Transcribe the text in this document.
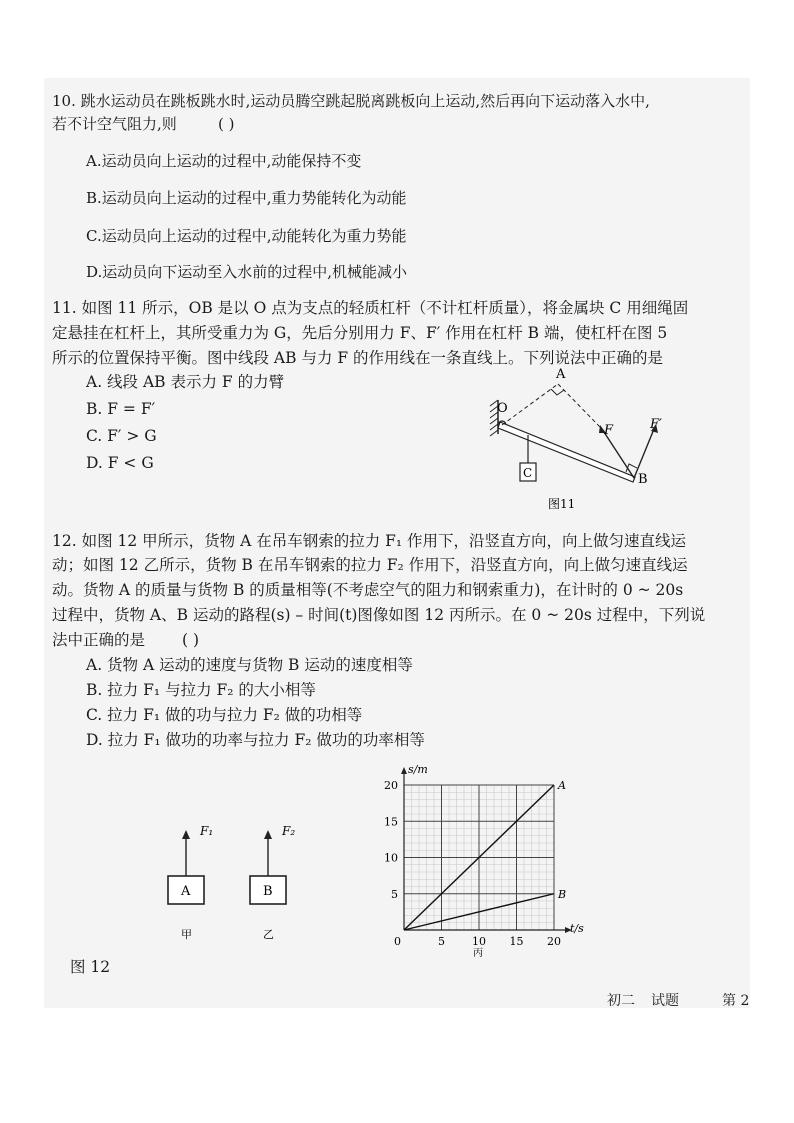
10. 跳水运动员在跳板跳水时,运动员腾空跳起脱离跳板向上运动,然后再向下运动落入水中,
若不计空气阻力,则	( )
A.运动员向上运动的过程中,动能保持不变
B.运动员向上运动的过程中,重力势能转化为动能
C.运动员向上运动的过程中,动能转化为重力势能
D.运动员向下运动至入水前的过程中,机械能减小
11. 如图 11 所示，OB 是以 O 点为支点的轻质杠杆（不计杠杆质量），将金属块 C 用细绳固
定悬挂在杠杆上，其所受重力为 G，先后分别用力 F、F′ 作用在杠杆 B 端，使杠杆在图 5
所示的位置保持平衡。图中线段 AB 与力 F 的作用线在一条直线上。下列说法中正确的是
A. 线段 AB 表示力 F 的力臂
B. F = F′
C. F′ > G
D. F < G
O
C
A
F	F′
B
图11
12. 如图 12 甲所示，货物 A 在吊车钢索的拉力 F₁ 作用下，沿竖直方向，向上做匀速直线运
动；如图 12 乙所示，货物 B 在吊车钢索的拉力 F₂ 作用下，沿竖直方向，向上做匀速直线运
动。货物 A 的质量与货物 B 的质量相等(不考虑空气的阻力和钢索重力)，在计时的 0 ~ 20s
过程中，货物 A、B 运动的路程(s) – 时间(t)图像如图 12 丙所示。在 0 ~ 20s 过程中，下列说
法中正确的是 ( )
A. 货物 A 运动的速度与货物 B 运动的速度相等
B. 拉力 F₁ 与拉力 F₂ 的大小相等
C. 拉力 F₁ 做的功与拉力 F₂ 做的功相等
D. 拉力 F₁ 做功的功率与拉力 F₂ 做功的功率相等
F₁
A
甲
F₂
B
乙
A
B
0	5 10 15 20
5
10
15
20
s/m
t/s
丙
图 12
初二 试题	第 2
